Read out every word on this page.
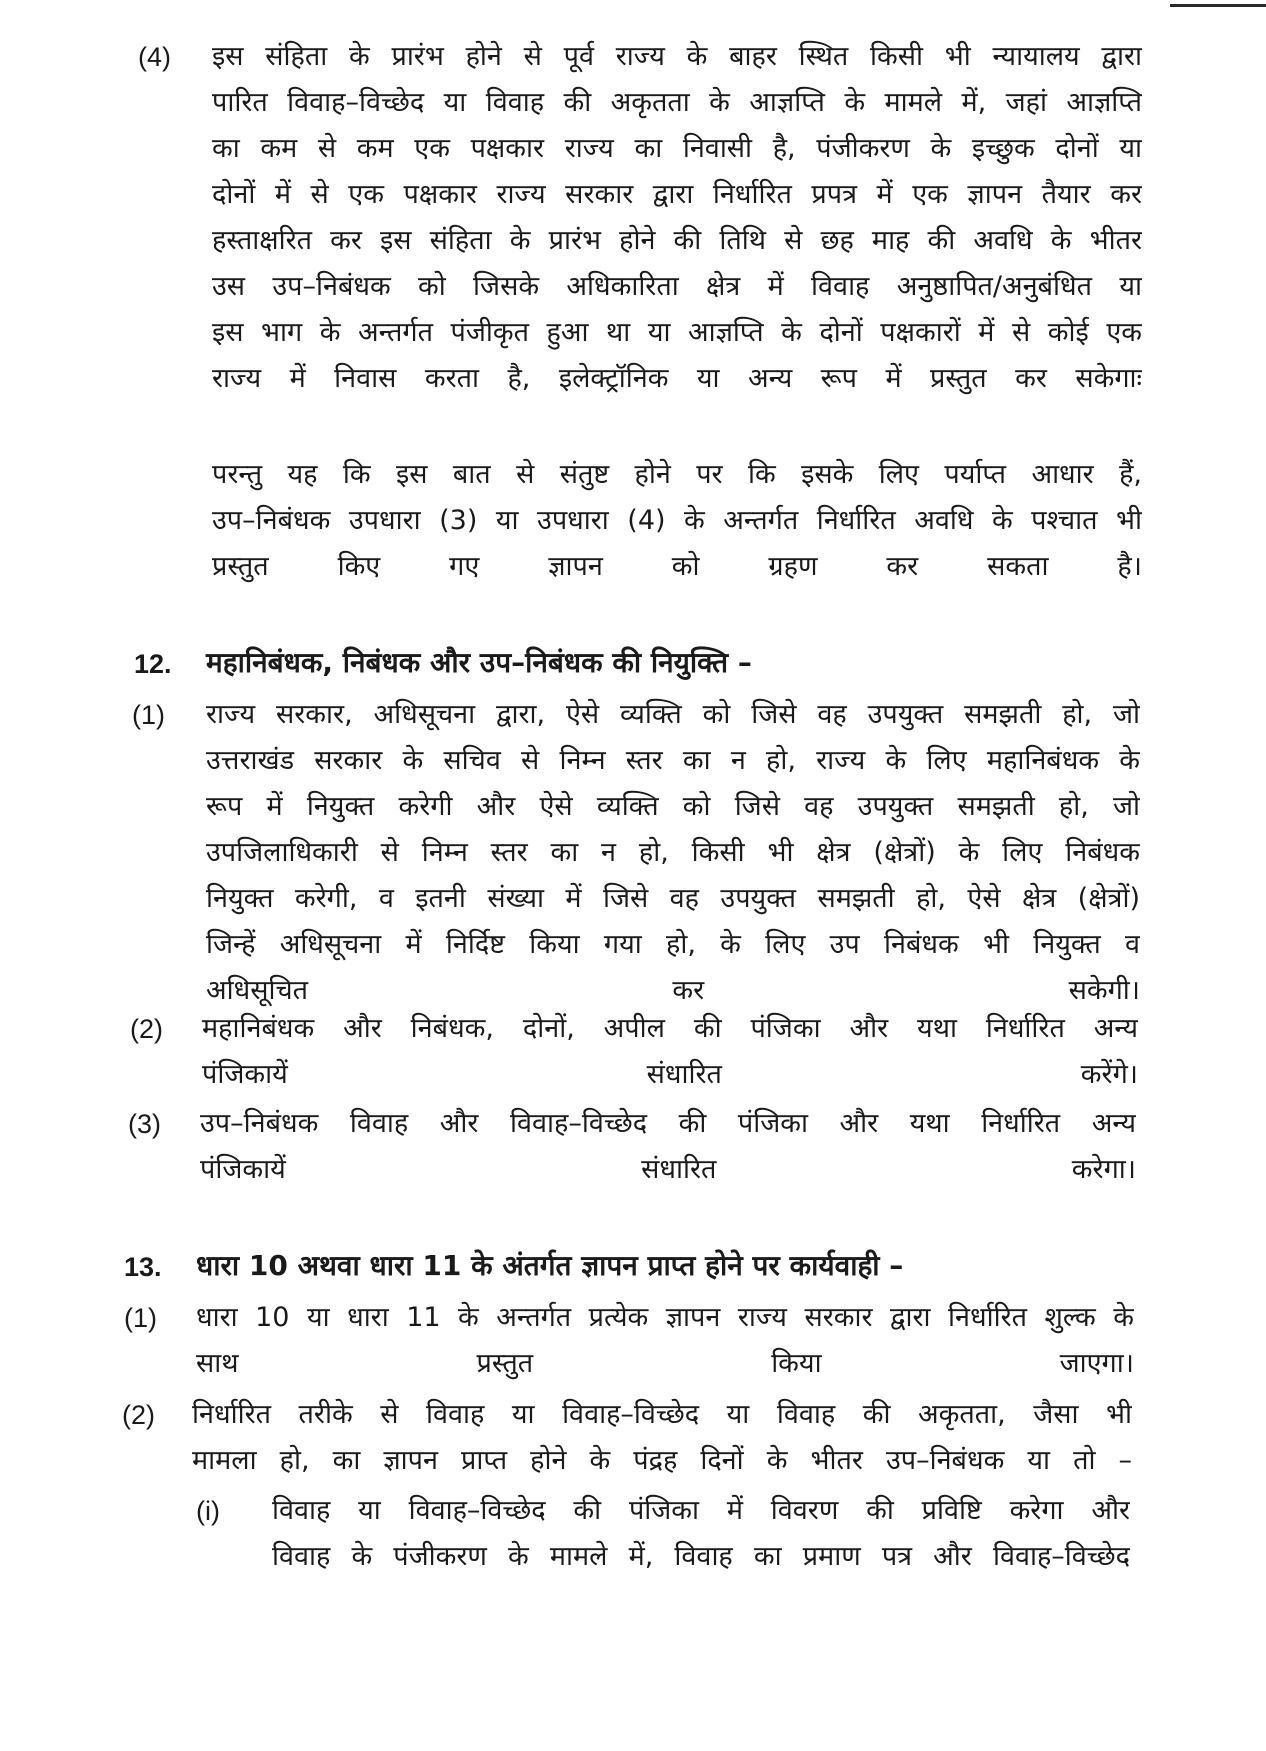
(4) इस संहिता के प्रारंभ होने से पूर्व राज्य के बाहर स्थित किसी भी न्यायालय द्वारा
पारित विवाह–विच्छेद या विवाह की अकृतता के आज्ञप्ति के मामले में, जहां आज्ञप्ति
का कम से कम एक पक्षकार राज्य का निवासी है, पंजीकरण के इच्छुक दोनों या
दोनों में से एक पक्षकार राज्य सरकार द्वारा निर्धारित प्रपत्र में एक ज्ञापन तैयार कर
हस्ताक्षरित कर इस संहिता के प्रारंभ होने की तिथि से छह माह की अवधि के भीतर
उस उप–निबंधक को जिसके अधिकारिता क्षेत्र में विवाह अनुष्ठापित/अनुबंधित या
इस भाग के अन्तर्गत पंजीकृत हुआ था या आज्ञप्ति के दोनों पक्षकारों में से कोई एक
राज्य में निवास करता है, इलेक्ट्रॉनिक या अन्य रूप में प्रस्तुत कर सकेगाः
परन्तु यह कि इस बात से संतुष्ट होने पर कि इसके लिए पर्याप्त आधार हैं,
उप–निबंधक उपधारा (3) या उपधारा (4) के अन्तर्गत निर्धारित अवधि के पश्चात भी
प्रस्तुत किए गए ज्ञापन को ग्रहण कर सकता है।
12. महानिबंधक, निबंधक और उप–निबंधक की नियुक्ति –
(1) राज्य सरकार, अधिसूचना द्वारा, ऐसे व्यक्ति को जिसे वह उपयुक्त समझती हो, जो
उत्तराखंड सरकार के सचिव से निम्न स्तर का न हो, राज्य के लिए महानिबंधक के
रूप में नियुक्त करेगी और ऐसे व्यक्ति को जिसे वह उपयुक्त समझती हो, जो
उपजिलाधिकारी से निम्न स्तर का न हो, किसी भी क्षेत्र (क्षेत्रों) के लिए निबंधक
नियुक्त करेगी, व इतनी संख्या में जिसे वह उपयुक्त समझती हो, ऐसे क्षेत्र (क्षेत्रों)
जिन्हें अधिसूचना में निर्दिष्ट किया गया हो, के लिए उप निबंधक भी नियुक्त व
अधिसूचित कर सकेगी।
(2) महानिबंधक और निबंधक, दोनों, अपील की पंजिका और यथा निर्धारित अन्य
पंजिकायें संधारित करेंगे।
(3) उप–निबंधक विवाह और विवाह–विच्छेद की पंजिका और यथा निर्धारित अन्य
पंजिकायें संधारित करेगा।
13. धारा 10 अथवा धारा 11 के अंतर्गत ज्ञापन प्राप्त होने पर कार्यवाही –
(1) धारा 10 या धारा 11 के अन्तर्गत प्रत्येक ज्ञापन राज्य सरकार द्वारा निर्धारित शुल्क के
साथ प्रस्तुत किया जाएगा।
(2) निर्धारित तरीके से विवाह या विवाह–विच्छेद या विवाह की अकृतता, जैसा भी
मामला हो, का ज्ञापन प्राप्त होने के पंद्रह दिनों के भीतर उप–निबंधक या तो –
(i) विवाह या विवाह–विच्छेद की पंजिका में विवरण की प्रविष्टि करेगा और
विवाह के पंजीकरण के मामले में, विवाह का प्रमाण पत्र और विवाह–विच्छेद
